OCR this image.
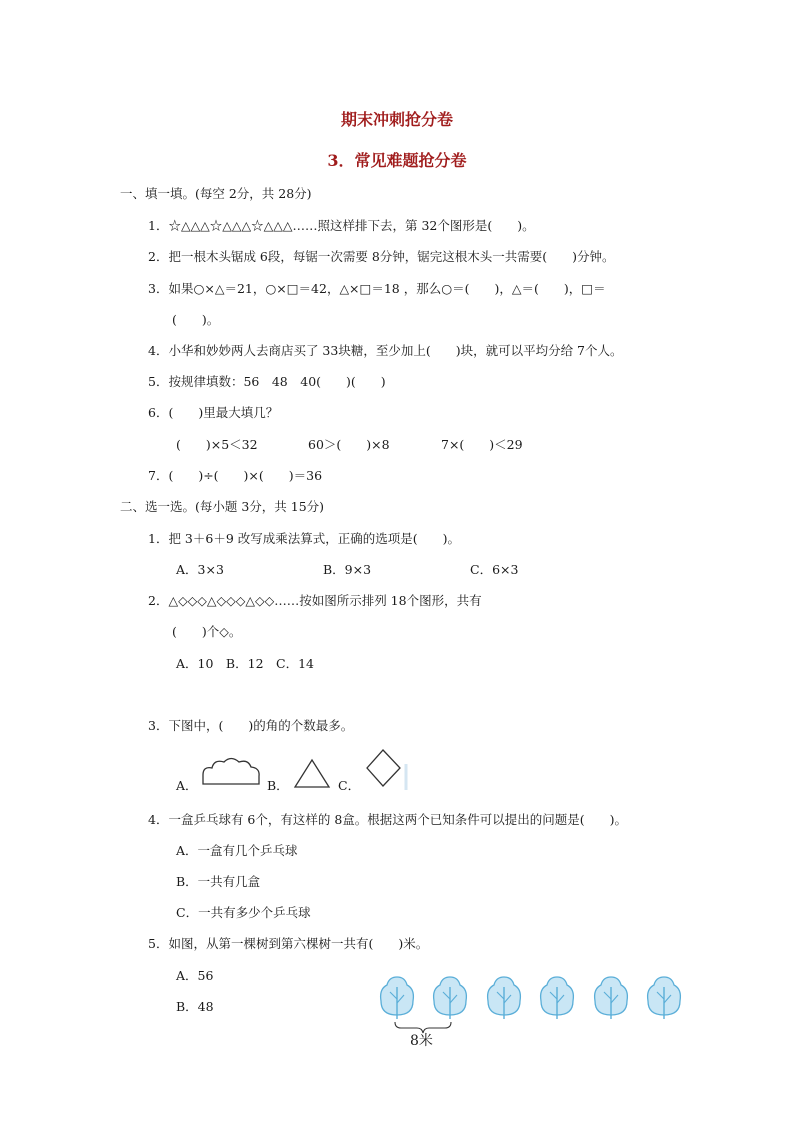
期末冲刺抢分卷
3．常见难题抢分卷
一、填一填。(每空 2分，共 28分)
1．☆△△△☆△△△☆△△△……照这样排下去，第 32个图形是(　　)。
2．把一根木头锯成 6段，每锯一次需要 8分钟，锯完这根木头一共需要(　　)分钟。
3．如果○×△＝21，○×□＝42，△×□＝18 ，那么○＝(　　)，△＝(　　)，□＝
(　　)。
4．小华和妙妙两人去商店买了 33块糖，至少加上(　　)块，就可以平均分给 7个人。
5．按规律填数：56　48　40(　　)(　　)
6．(　　)里最大填几？
(　　)×5＜32	60＞(　　)×8	7×(　　)＜29
7．(　　)÷(　　)×(　　)＝36
二、选一选。(每小题 3分，共 15分)
1．把 3＋6＋9 改写成乘法算式，正确的选项是(　　)。
A．3×3	B．9×3	C．6×3
2．△◇◇◇△◇◇◇△◇◇……按如图所示排列 18个图形，共有
(　　)个◇。
A．10　B．12　C．14
3．下图中，(　　)的角的个数最多。
A．	B．	C．
4．一盒乒乓球有 6个，有这样的 8盒。根据这两个已知条件可以提出的问题是(　　)。
A．一盒有几个乒乓球
B．一共有几盒
C．一共有多少个乒乓球
5．如图，从第一棵树到第六棵树一共有(　　)米。
A．56
B．48
8米
